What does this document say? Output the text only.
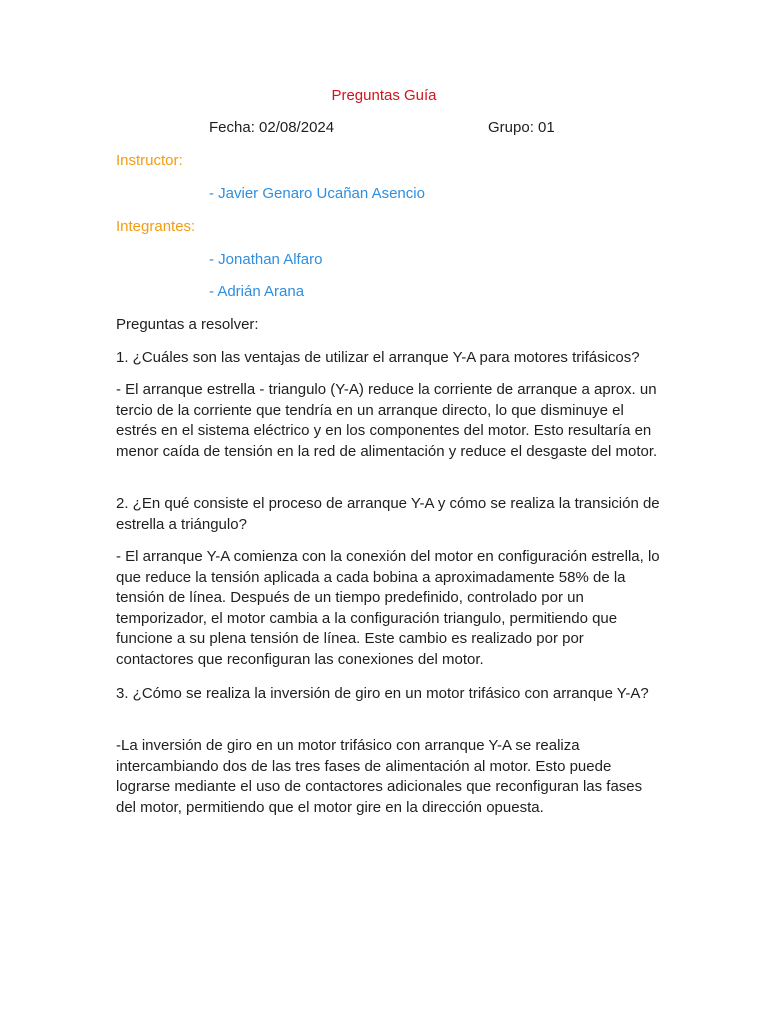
Preguntas Guía
Fecha: 02/08/2024	Grupo: 01
Instructor:
- Javier Genaro Ucañan Asencio
Integrantes:
- Jonathan Alfaro
- Adrián Arana
Preguntas a resolver:

1. ¿Cuáles son las ventajas de utilizar el arranque Y-A para motores trifásicos?

- El arranque estrella - triangulo (Y-A) reduce la corriente de arranque a aprox. un tercio de la corriente que tendría en un arranque directo, lo que disminuye el estrés en el sistema eléctrico y en los componentes del motor. Esto resultaría en menor caída de tensión en la red de alimentación y reduce el desgaste del motor.

2. ¿En qué consiste el proceso de arranque Y-A y cómo se realiza la transición de estrella a triángulo?

- El arranque Y-A comienza con la conexión del motor en configuración estrella, lo que reduce la tensión aplicada a cada bobina a aproximadamente 58% de la tensión de línea. Después de un tiempo predefinido, controlado por un temporizador, el motor cambia a la configuración triangulo, permitiendo que funcione a su plena tensión de línea. Este cambio es realizado por por contactores que reconfiguran las conexiones del motor.

3. ¿Cómo se realiza la inversión de giro en un motor trifásico con arranque Y-A?

-La inversión de giro en un motor trifásico con arranque Y-A se realiza intercambiando dos de las tres fases de alimentación al motor. Esto puede lograrse mediante el uso de contactores adicionales que reconfiguran las fases del motor, permitiendo que el motor gire en la dirección opuesta.
